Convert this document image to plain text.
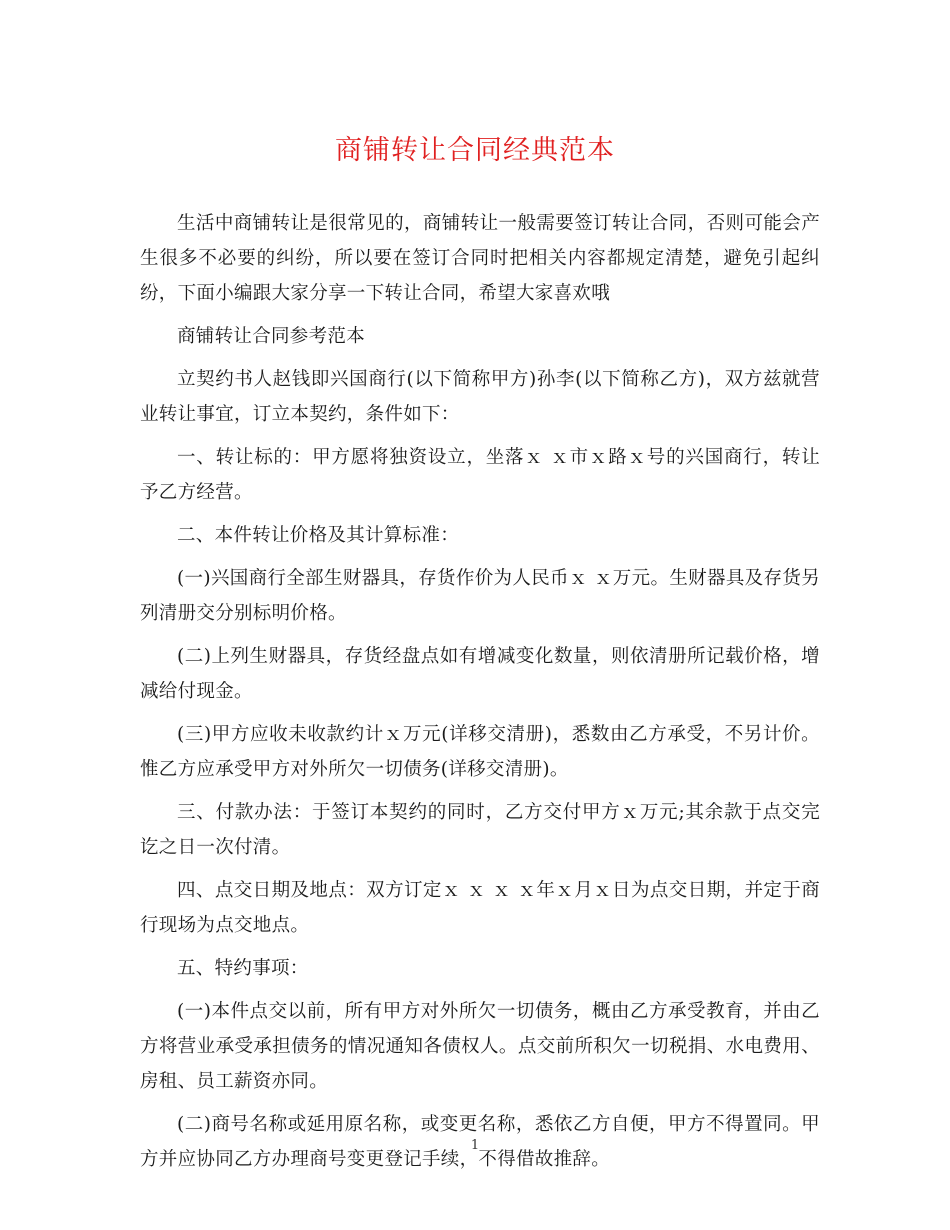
商铺转让合同经典范本

生活中商铺转让是很常见的，商铺转让一般需要签订转让合同，否则可能会产生很多不必要的纠纷，所以要在签订合同时把相关内容都规定清楚，避免引起纠纷，下面小编跟大家分享一下转让合同，希望大家喜欢哦

商铺转让合同参考范本

立契约书人赵钱即兴国商行(以下简称甲方)孙李(以下简称乙方)，双方兹就营业转让事宜，订立本契约，条件如下：

一、转让标的：甲方愿将独资设立，坐落ｘ ｘ市ｘ路ｘ号的兴国商行，转让予乙方经营。

二、本件转让价格及其计算标准：

(一)兴国商行全部生财器具，存货作价为人民币ｘ ｘ万元。生财器具及存货另列清册交分别标明价格。

(二)上列生财器具，存货经盘点如有增减变化数量，则依清册所记载价格，增减给付现金。

(三)甲方应收未收款约计ｘ万元(详移交清册)，悉数由乙方承受，不另计价。惟乙方应承受甲方对外所欠一切债务(详移交清册)。

三、付款办法：于签订本契约的同时，乙方交付甲方ｘ万元;其余款于点交完讫之日一次付清。

四、点交日期及地点：双方订定ｘ ｘ ｘ ｘ年ｘ月ｘ日为点交日期，并定于商行现场为点交地点。

五、特约事项：

(一)本件点交以前，所有甲方对外所欠一切债务，概由乙方承受教育，并由乙方将营业承受承担债务的情况通知各债权人。点交前所积欠一切税捐、水电费用、房租、员工薪资亦同。

(二)商号名称或延用原名称，或变更名称，悉依乙方自便，甲方不得置同。甲方并应协同乙方办理商号变更登记手续，不得借故推辞。

1
